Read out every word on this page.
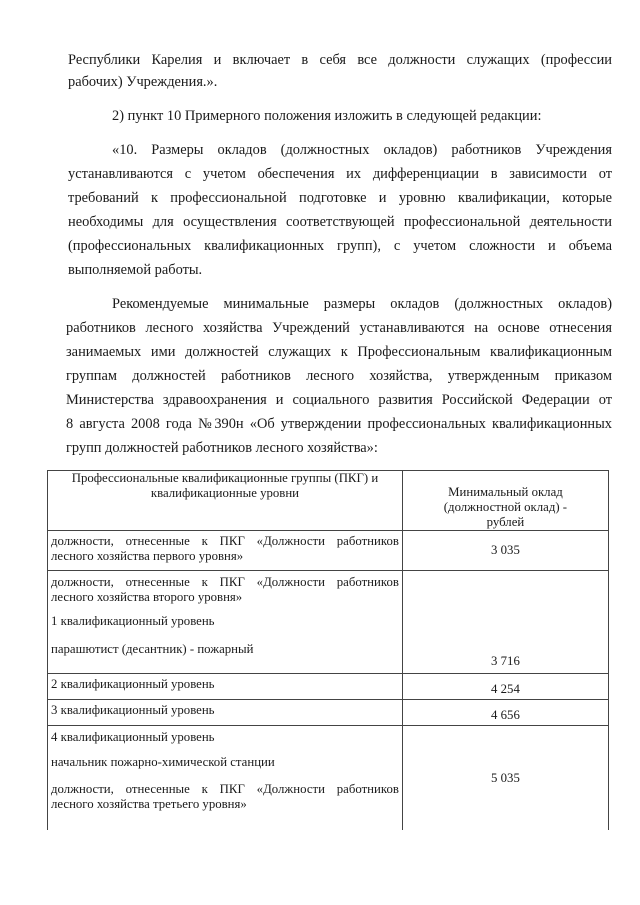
Республики Карелия и включает в себя все должности служащих (профессии

рабочих) Учреждения.».

2) пункт 10 Примерного положения изложить в следующей редакции:

«10. Размеры окладов (должностных окладов) работников Учреждения

устанавливаются с учетом обеспечения их дифференциации в зависимости от

требований к профессиональной подготовке и уровню квалификации, которые

необходимы для осуществления соответствующей профессиональной деятельности

(профессиональных квалификационных групп), с учетом сложности и объема

выполняемой работы.

Рекомендуемые минимальные размеры окладов (должностных окладов)

работников лесного хозяйства Учреждений устанавливаются на основе отнесения

занимаемых ими должностей служащих к Профессиональным квалификационным

группам должностей работников лесного хозяйства, утвержденным приказом

Министерства здравоохранения и социального развития Российской Федерации от

8 августа 2008 года №390н «Об утверждении профессиональных квалификационных

групп должностей работников лесного хозяйства»:

Профессиональные квалификационные группы (ПКГ) и
квалификационные уровни	Минимальный оклад
(должностной оклад) -
рублей

должности, отнесенные к ПКГ «Должности работников
лесного хозяйства первого уровня»	3 035

должности, отнесенные к ПКГ «Должности работников
лесного хозяйства второго уровня»
1 квалификационный уровень
парашютист (десантник) - пожарный	3 716

2 квалификационный уровень	4 254

3 квалификационный уровень	4 656

4 квалификационный уровень
начальник пожарно-химической станции
должности, отнесенные к ПКГ «Должности работников
лесного хозяйства третьего уровня»	5 035
